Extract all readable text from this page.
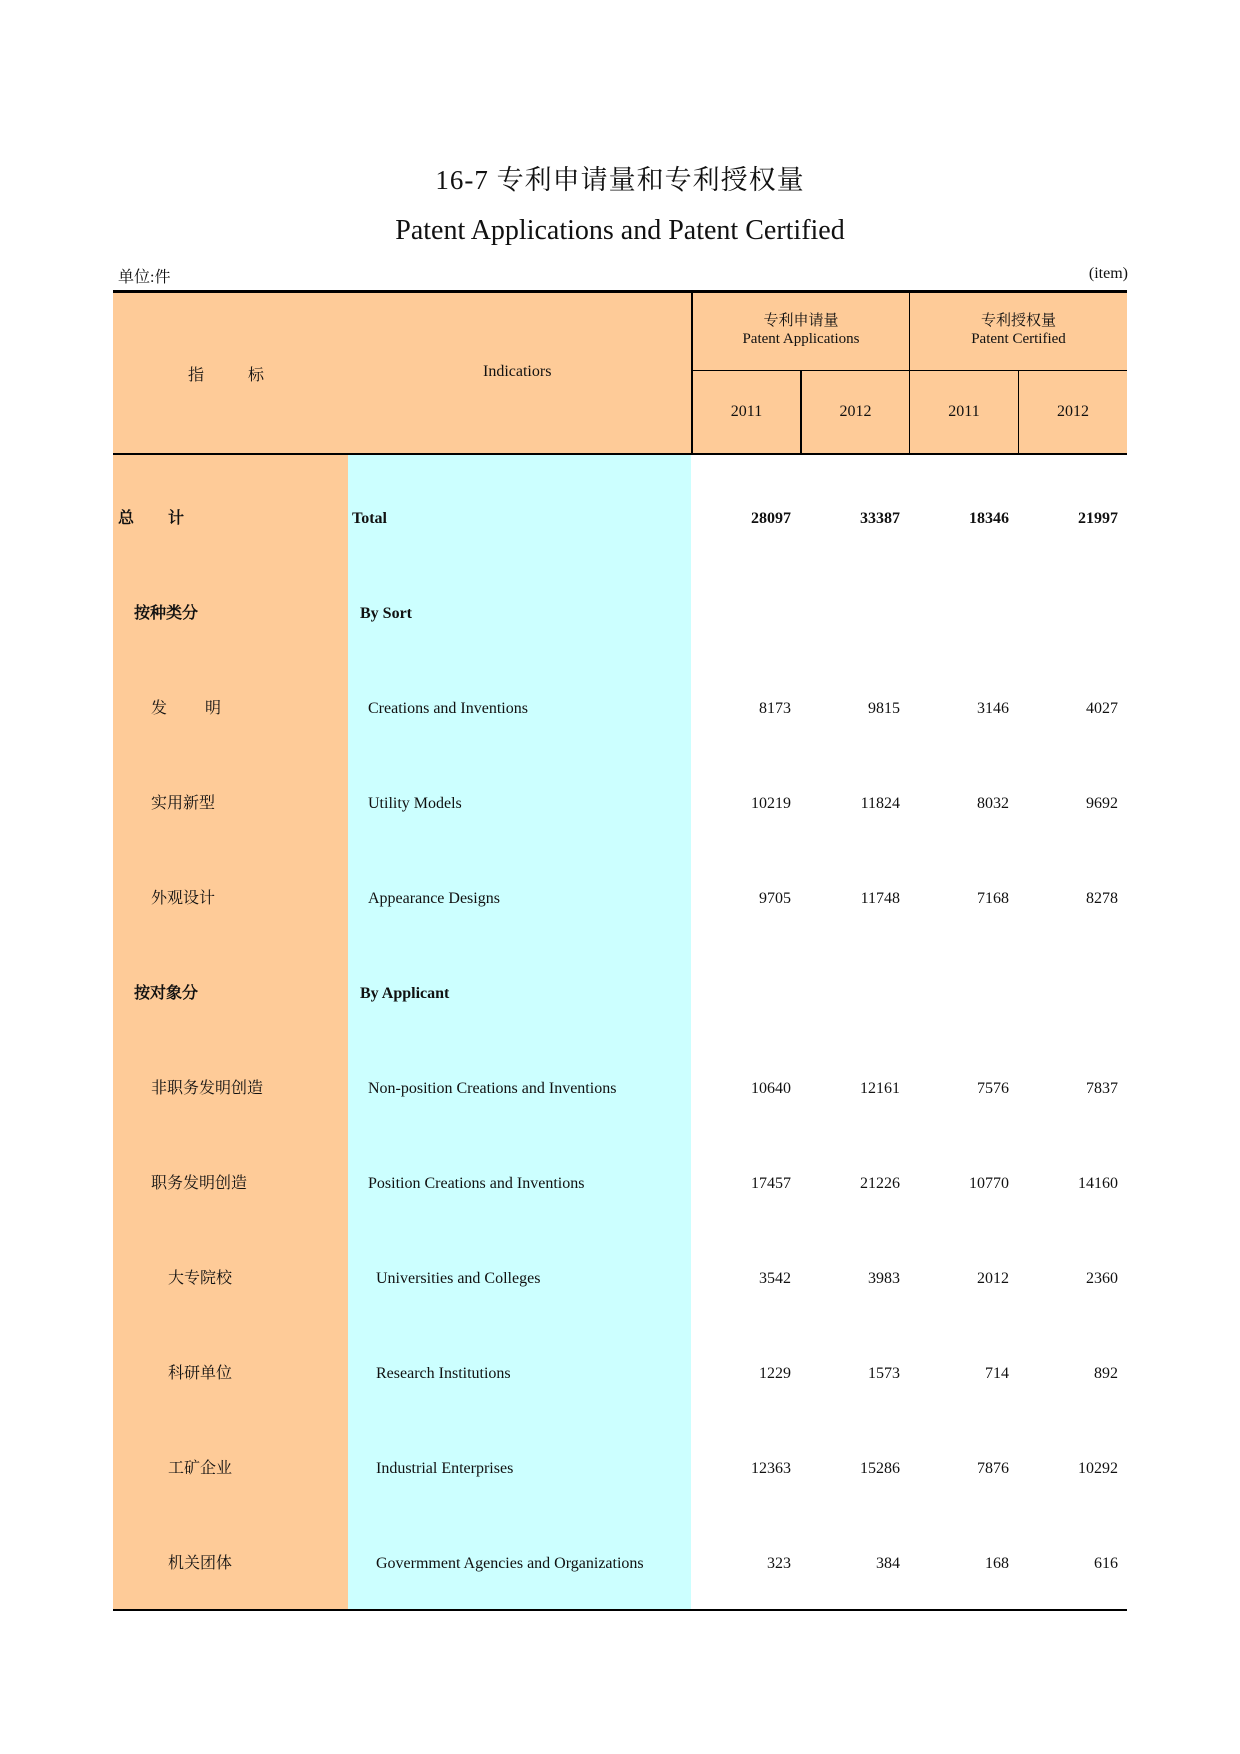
16-7 专利申请量和专利授权量
Patent Applications and Patent Certified
单位:件	(item)
指 标	Indicatiors
专利申请量
Patent Applications
专利授权量
Patent Certified
2011	2012	2011	2012
总 计	Total	28097	33387	18346	21997
按种类分	By Sort
发 明	Creations and Inventions	8173	9815	3146	4027
实用新型	Utility Models	10219	11824	8032	9692
外观设计	Appearance Designs	9705	11748	7168	8278
按对象分	By Applicant
非职务发明创造	Non-position Creations and Inventions	10640	12161	7576	7837
职务发明创造	Position Creations and Inventions	17457	21226	10770	14160
大专院校	Universities and Colleges	3542	3983	2012	2360
科研单位	Research Institutions	1229	1573	714	892
工矿企业	Industrial Enterprises	12363	15286	7876	10292
机关团体	Govermment Agencies and Organizations	323	384	168	616
